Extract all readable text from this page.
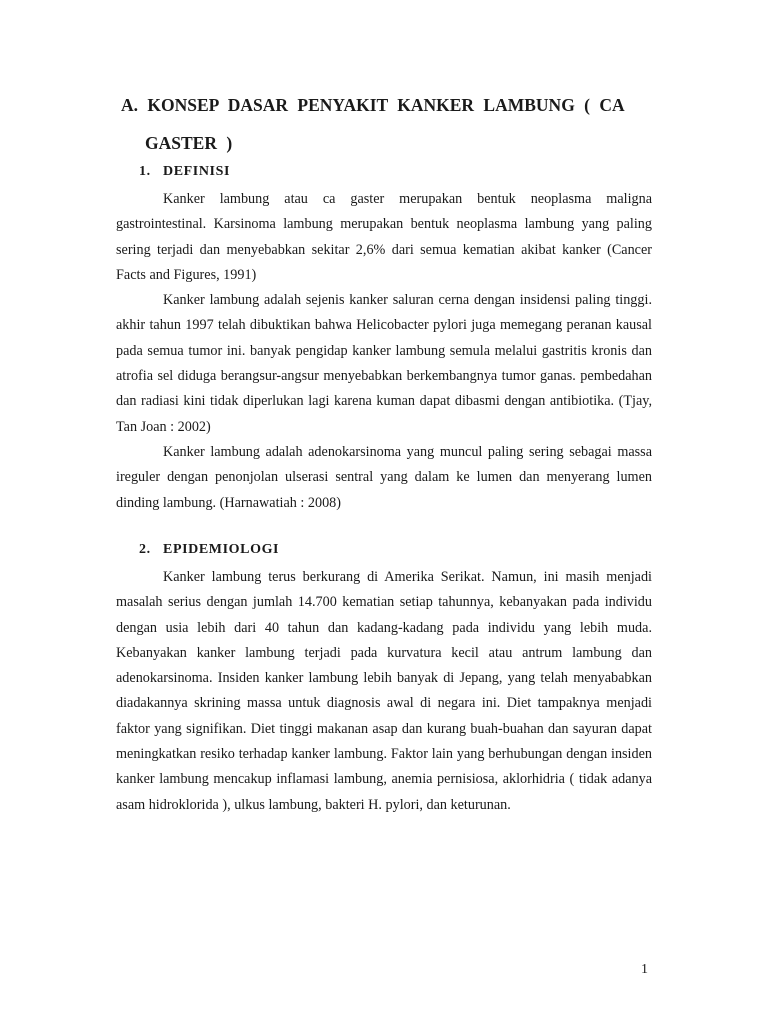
A. KONSEP DASAR PENYAKIT KANKER LAMBUNG ( CA
GASTER )
1. DEFINISI

Kanker lambung atau ca gaster merupakan bentuk neoplasma maligna gastrointestinal. Karsinoma lambung merupakan bentuk neoplasma lambung yang paling sering terjadi dan menyebabkan sekitar 2,6% dari semua kematian akibat kanker (Cancer Facts and Figures, 1991)

Kanker lambung adalah sejenis kanker saluran cerna dengan insidensi paling tinggi. akhir tahun 1997 telah dibuktikan bahwa Helicobacter pylori juga memegang peranan kausal pada semua tumor ini. banyak pengidap kanker lambung semula melalui gastritis kronis dan atrofia sel diduga berangsur-angsur menyebabkan berkembangnya tumor ganas. pembedahan dan radiasi kini tidak diperlukan lagi karena kuman dapat dibasmi dengan antibiotika. (Tjay, Tan Joan : 2002)

Kanker lambung adalah adenokarsinoma yang muncul paling sering sebagai massa ireguler dengan penonjolan ulserasi sentral yang dalam ke lumen dan menyerang lumen dinding lambung. (Harnawatiah : 2008)

2. EPIDEMIOLOGI

Kanker lambung terus berkurang di Amerika Serikat. Namun, ini masih menjadi masalah serius dengan jumlah 14.700 kematian setiap tahunnya, kebanyakan pada individu dengan usia lebih dari 40 tahun dan kadang-kadang pada individu yang lebih muda. Kebanyakan kanker lambung terjadi pada kurvatura kecil atau antrum lambung dan adenokarsinoma. Insiden kanker lambung lebih banyak di Jepang, yang telah menyababkan diadakannya skrining massa untuk diagnosis awal di negara ini. Diet tampaknya menjadi faktor yang signifikan. Diet tinggi makanan asap dan kurang buah-buahan dan sayuran dapat meningkatkan resiko terhadap kanker lambung. Faktor lain yang berhubungan dengan insiden kanker lambung mencakup inflamasi lambung, anemia pernisiosa, aklorhidria ( tidak adanya asam hidroklorida ), ulkus lambung, bakteri H. pylori, dan keturunan.

1
